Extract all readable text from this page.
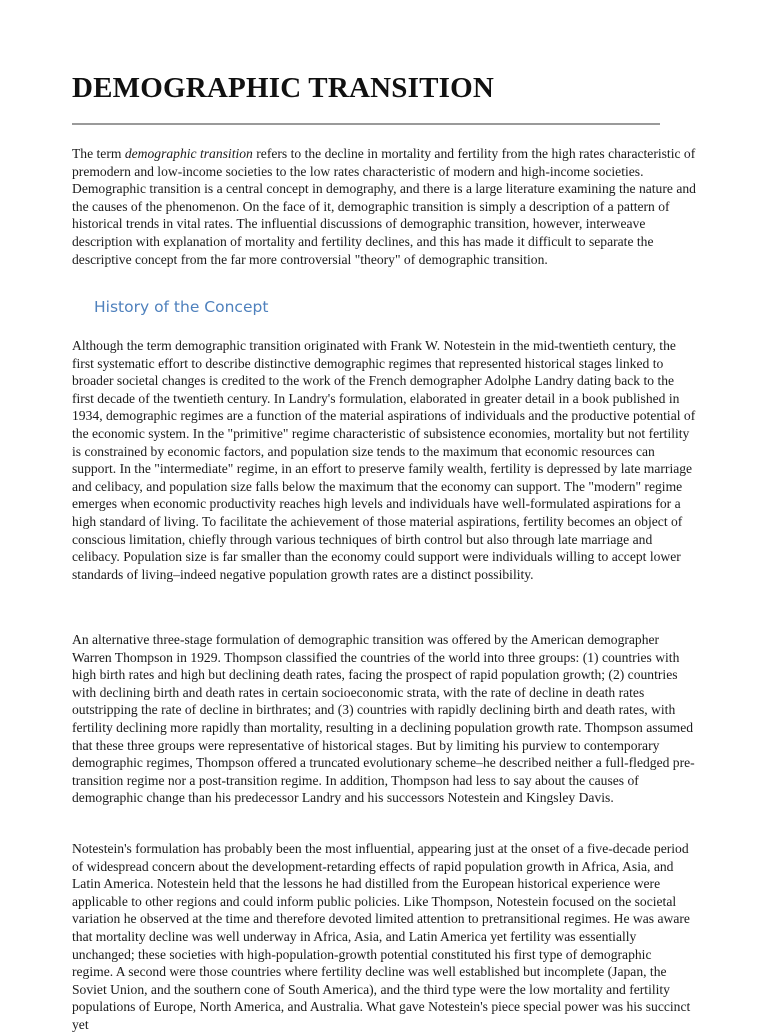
DEMOGRAPHIC TRANSITION

The term demographic transition refers to the decline in mortality and fertility from the high rates characteristic of premodern and low-income societies to the low rates characteristic of modern and high-income societies. Demographic transition is a central concept in demography, and there is a large literature examining the nature and the causes of the phenomenon. On the face of it, demographic transition is simply a description of a pattern of historical trends in vital rates. The influential discussions of demographic transition, however, interweave description with explanation of mortality and fertility declines, and this has made it difficult to separate the descriptive concept from the far more controversial "theory" of demographic transition.

History of the Concept

Although the term demographic transition originated with Frank W. Notestein in the mid-twentieth century, the first systematic effort to describe distinctive demographic regimes that represented historical stages linked to broader societal changes is credited to the work of the French demographer Adolphe Landry dating back to the first decade of the twentieth century. In Landry's formulation, elaborated in greater detail in a book published in 1934, demographic regimes are a function of the material aspirations of individuals and the productive potential of the economic system. In the "primitive" regime characteristic of subsistence economies, mortality but not fertility is constrained by economic factors, and population size tends to the maximum that economic resources can support. In the "intermediate" regime, in an effort to preserve family wealth, fertility is depressed by late marriage and celibacy, and population size falls below the maximum that the economy can support. The "modern" regime emerges when economic productivity reaches high levels and individuals have well-formulated aspirations for a high standard of living. To facilitate the achievement of those material aspirations, fertility becomes an object of conscious limitation, chiefly through various techniques of birth control but also through late marriage and celibacy. Population size is far smaller than the economy could support were individuals willing to accept lower standards of living–indeed negative population growth rates are a distinct possibility.

An alternative three-stage formulation of demographic transition was offered by the American demographer Warren Thompson in 1929. Thompson classified the countries of the world into three groups: (1) countries with high birth rates and high but declining death rates, facing the prospect of rapid population growth; (2) countries with declining birth and death rates in certain socioeconomic strata, with the rate of decline in death rates outstripping the rate of decline in birthrates; and (3) countries with rapidly declining birth and death rates, with fertility declining more rapidly than mortality, resulting in a declining population growth rate. Thompson assumed that these three groups were representative of historical stages. But by limiting his purview to contemporary demographic regimes, Thompson offered a truncated evolutionary scheme–he described neither a full-fledged pre-transition regime nor a post-transition regime. In addition, Thompson had less to say about the causes of demographic change than his predecessor Landry and his successors Notestein and Kingsley Davis.

Notestein's formulation has probably been the most influential, appearing just at the onset of a five-decade period of widespread concern about the development-retarding effects of rapid population growth in Africa, Asia, and Latin America. Notestein held that the lessons he had distilled from the European historical experience were applicable to other regions and could inform public policies. Like Thompson, Notestein focused on the societal variation he observed at the time and therefore devoted limited attention to pretransitional regimes. He was aware that mortality decline was well underway in Africa, Asia, and Latin America yet fertility was essentially unchanged; these societies with high-population-growth potential constituted his first type of demographic regime. A second were those countries where fertility decline was well established but incomplete (Japan, the Soviet Union, and the southern cone of South America), and the third type were the low mortality and fertility populations of Europe, North America, and Australia. What gave Notestein's piece special power was his succinct yet
